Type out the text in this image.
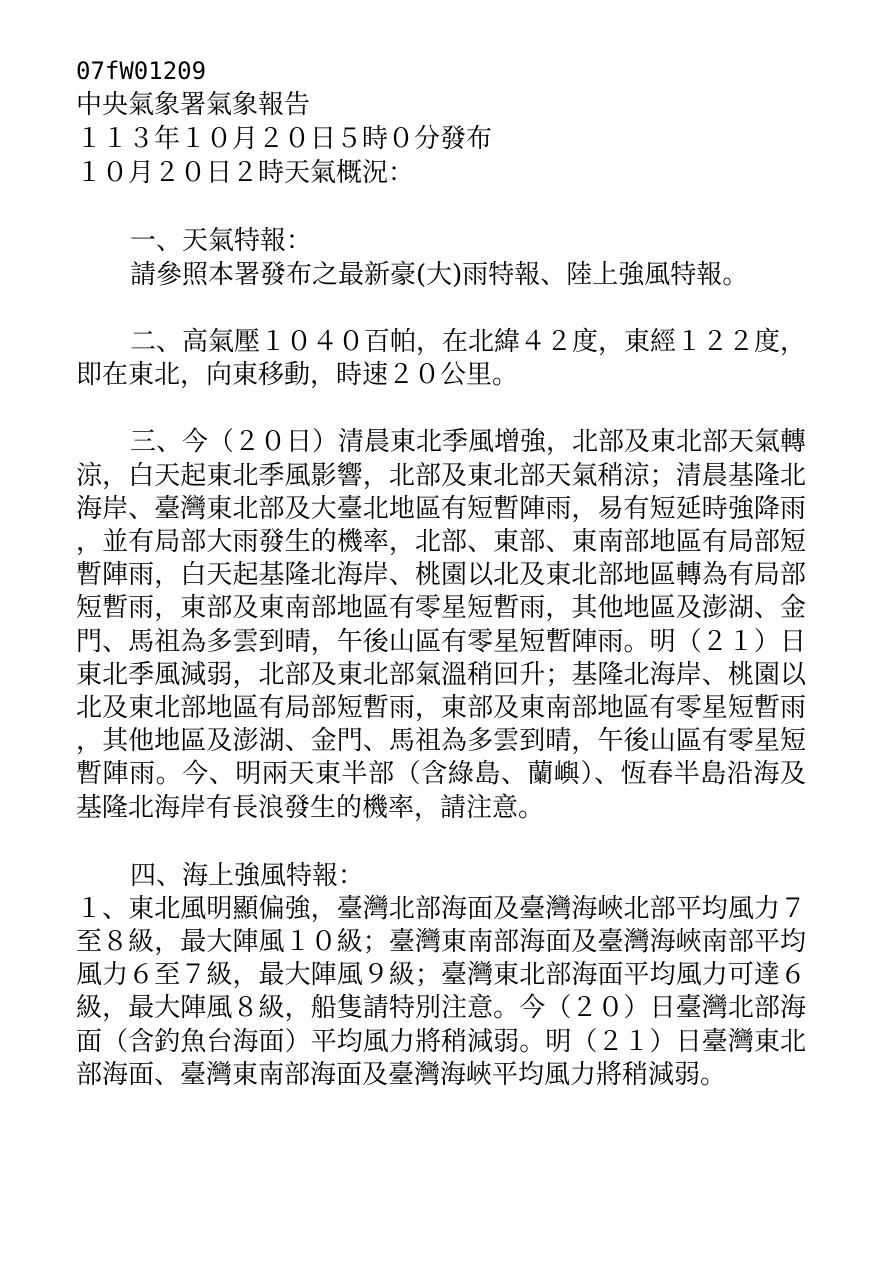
07fW01209

中央氣象署氣象報告

１１３年１０月２０日５時０分發布

１０月２０日２時天氣概況：

一、天氣特報：

請參照本署發布之最新豪(大)雨特報、陸上強風特報。

二、高氣壓１０４０百帕，在北緯４２度，東經１２２度，即在東北，向東移動，時速２０公里。

三、今（２０日）清晨東北季風增強，北部及東北部天氣轉涼，白天起東北季風影響，北部及東北部天氣稍涼；清晨基隆北海岸、臺灣東北部及大臺北地區有短暫陣雨，易有短延時強降雨，並有局部大雨發生的機率，北部、東部、東南部地區有局部短暫陣雨，白天起基隆北海岸、桃園以北及東北部地區轉為有局部短暫雨，東部及東南部地區有零星短暫雨，其他地區及澎湖、金門、馬祖為多雲到晴，午後山區有零星短暫陣雨。明（２１）日東北季風減弱，北部及東北部氣溫稍回升；基隆北海岸、桃園以北及東北部地區有局部短暫雨，東部及東南部地區有零星短暫雨，其他地區及澎湖、金門、馬祖為多雲到晴，午後山區有零星短暫陣雨。今、明兩天東半部（含綠島、蘭嶼）、恆春半島沿海及基隆北海岸有長浪發生的機率，請注意。

四、海上強風特報：

１、東北風明顯偏強，臺灣北部海面及臺灣海峽北部平均風力７至８級，最大陣風１０級；臺灣東南部海面及臺灣海峽南部平均風力６至７級，最大陣風９級；臺灣東北部海面平均風力可達６級，最大陣風８級，船隻請特別注意。今（２０）日臺灣北部海面（含釣魚台海面）平均風力將稍減弱。明（２１）日臺灣東北部海面、臺灣東南部海面及臺灣海峽平均風力將稍減弱。
